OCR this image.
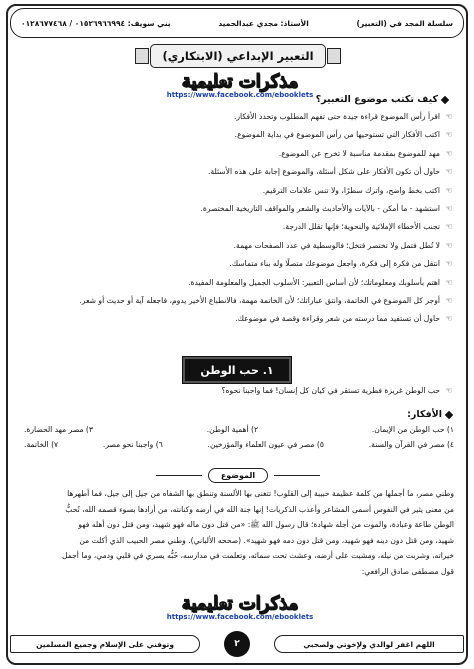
سلسلة المجد في (التعبير)
الأستاذ: مجدي عبدالحميد
بني سويف: ٠١٥٢٦٩٦٦٩٩٤ / ٠١٢٨٦٧٧٤٦٨
التعبير الإبداعي (الابتكاري)
مذكرات تعليمية
https://www.facebook.com/ebooklets كيف تكتب موضوع التعبير؟
☜
اقرأ رأس الموضوع قراءة جيدة حتى تفهم المطلوب وتحدد الأفكار.
☜
اكتب الأفكار التي تستوحيها من رأس الموضوع في بداية الموضوع.
☜
مهد للموضوع بمقدمة مناسبة لا تخرج عن الموضوع.
☜
حاول أن تكون الأفكار على شكل أسئلة، والموضوع إجابة على هذه الأسئلة.
☜
اكتب بخط واضح، واترك سطرًا، ولا تنس علامات الترقيم.
☜
استشهد - ما أمكن - بالآيات والأحاديث والشعر والمواقف التاريخية المختصرة.
☜
تجنب الأخطاء الإملائية والنحوية؛ فإنها تقلل الدرجة.
☜
لا تُطل فتمل ولا تختصر فتخل؛ فالوسطية في عدد الصفحات مهمة.
☜
انتقل من فكرة إلى فكرة، واجعل موضوعك متصلًا وله بناء متماسك.
☜
اهتم بأسلوبك ومعلوماتك؛ لأن أساس التعبير: الأسلوب الجميل والمعلومة المفيدة.
☜
أوجز كل الموضوع في الخاتمة، وانتق عباراتك؛ لأن الخاتمة مهمة، فالانطباع الأخير يدوم، فاجعله آية أو حديث أو شعر.
☜
حاول أن تستفيد مما درسته من شعر وقراءة وقصة في موضوعك.
١. حب الوطن
☜
حب الوطن غريزة فطرية تستقر في كيان كل إنسان! فما واجبنا نحوه؟
الأفكار:
١) حب الوطن من الإيمان.
٢) أهمية الوطن.
٣) مصر مهد الحضارة.
٤) مصر في القرآن والسنة.
٥) مصر في عيون العلماء والمؤرخين.
٦) واجبنا نحو مصر.
٧) الخاتمة.
الموضوع

وطني مصر، ما أجملها من كلمة عظيمة حبيبة إلى القلوب! تتغنى بها الألسنة وتنطق بها الشفاه من جيل إلى جيل، فما أطهرها

من معنى يثير في النفوس أسمى المشاعر وأعذب الذكريات! إنها جنة الله في أرضه وكنانته، من أرادها بسوء قصمه الله، تُحبُّ

الوطن طاعة وعبادة، والموت من أجله شهادة؛ قال رسول الله ﷺ: «من قتل دون ماله فهو شهيد، ومن قتل دون أهله فهو

شهيد، ومن قتل دون دينه فهو شهيد، ومن قتل دون دمه فهو شهيد». (صححه الألباني). وطني مصر الحبيب الذي أكلت من

خيراته، وشربت من نيله، ومشيت على أرضه، وعشت تحت سمائه، وتعلمت في مدارسه، حُبُّه يسري في قلبي ودمي، وما أجمل

قول مصطفى صادق الرافعي:

مذكرات تعليمية
https://www.facebook.com/ebooklets
اللهم اغفر لوالدي ولإخوتي ولصحبي
٢
وتوفني على الإسلام وجميع المسلمين
